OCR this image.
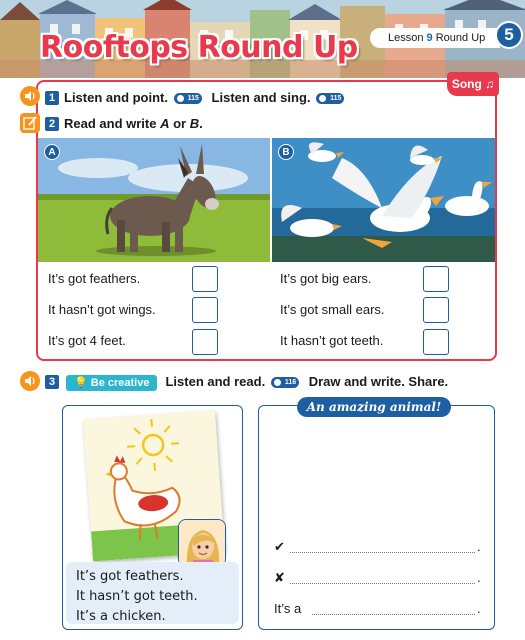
Rooftops Round Up	Lesson 9 Round Up	5
Song ♫
1 Listen and point.	115 Listen and sing.	115
2 Read and write A or B.
A	B
It’s got feathers.
It hasn’t got wings.
It’s got 4 feet.
It’s got big ears.
It’s got small ears.
It hasn’t got teeth.
3	💡 Be creative Listen and read.	116 Draw and write. Share.
It’s got feathers.
It hasn’t got teeth.
It’s a chicken.
An amazing animal!
✔	.
✘	.
It’s a	.
